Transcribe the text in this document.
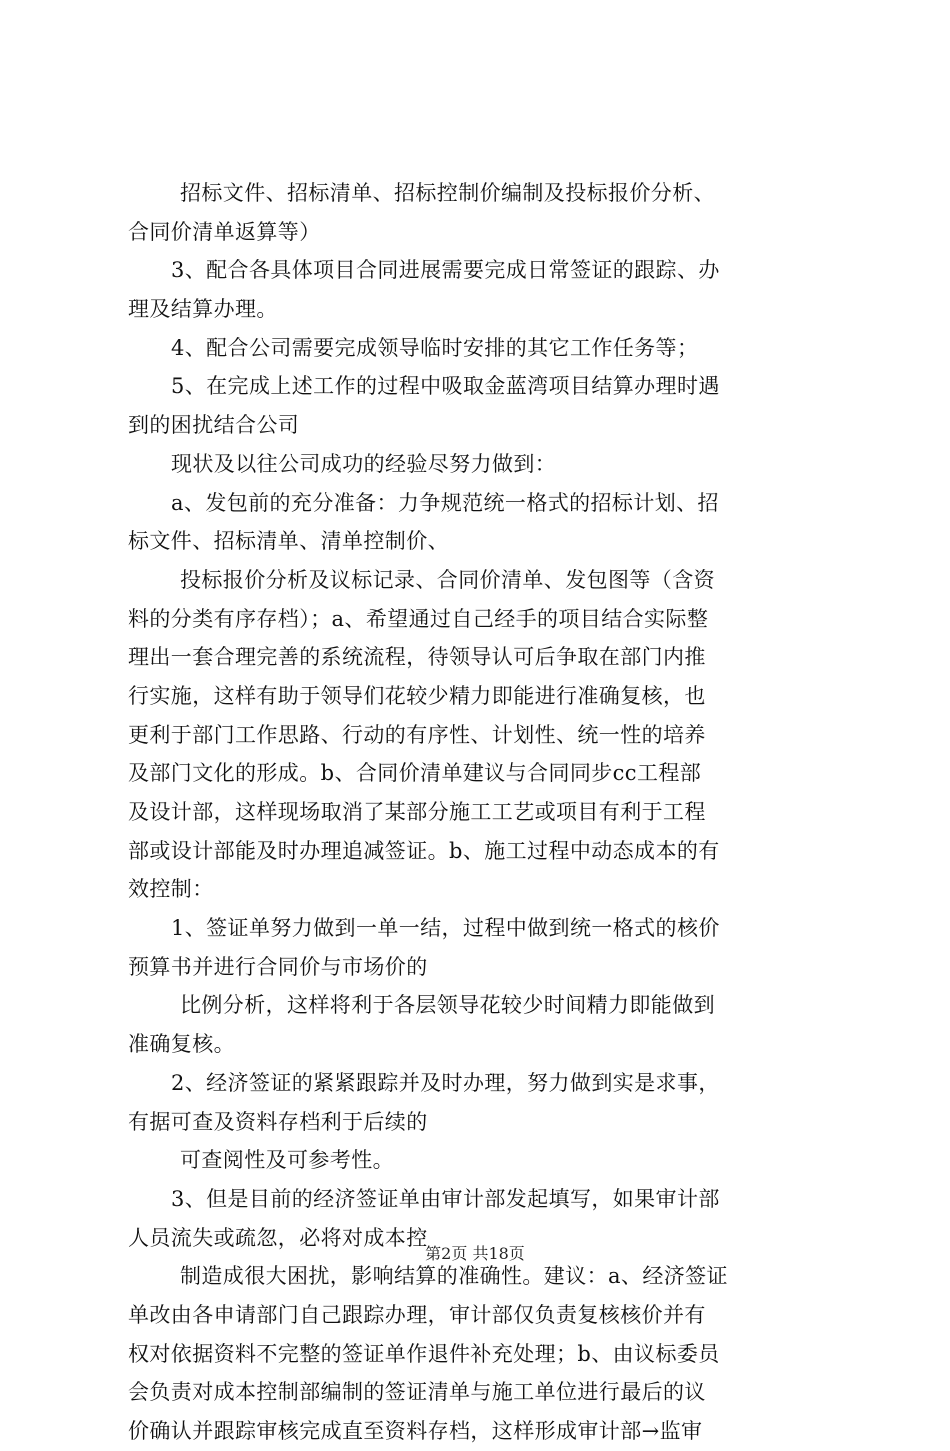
招标文件、招标清单、招标控制价编制及投标报价分析、
合同价清单返算等）
3、配合各具体项目合同进展需要完成日常签证的跟踪、办
理及结算办理。
4、配合公司需要完成领导临时安排的其它工作任务等；
5、在完成上述工作的过程中吸取金蓝湾项目结算办理时遇
到的困扰结合公司
现状及以往公司成功的经验尽努力做到：
a、发包前的充分准备：力争规范统一格式的招标计划、招
标文件、招标清单、清单控制价、
投标报价分析及议标记录、合同价清单、发包图等（含资
料的分类有序存档）；a、希望通过自己经手的项目结合实际整
理出一套合理完善的系统流程，待领导认可后争取在部门内推
行实施，这样有助于领导们花较少精力即能进行准确复核，也
更利于部门工作思路、行动的有序性、计划性、统一性的培养
及部门文化的形成。b、合同价清单建议与合同同步cc工程部
及设计部，这样现场取消了某部分施工工艺或项目有利于工程
部或设计部能及时办理追减签证。b、施工过程中动态成本的有
效控制：
1、签证单努力做到一单一结，过程中做到统一格式的核价
预算书并进行合同价与市场价的
比例分析，这样将利于各层领导花较少时间精力即能做到
准确复核。
2、经济签证的紧紧跟踪并及时办理，努力做到实是求事，
有据可查及资料存档利于后续的
可查阅性及可参考性。
3、但是目前的经济签证单由审计部发起填写，如果审计部
人员流失或疏忽，必将对成本控
制造成很大困扰，影响结算的准确性。建议：a、经济签证
单改由各申请部门自己跟踪办理，审计部仅负责复核核价并有
权对依据资料不完整的签证单作退件补充处理；b、由议标委员
会负责对成本控制部编制的签证清单与施工单位进行最后的议
价确认并跟踪审核完成直至资料存档，这样形成审计部→监审
第2页 共18页
